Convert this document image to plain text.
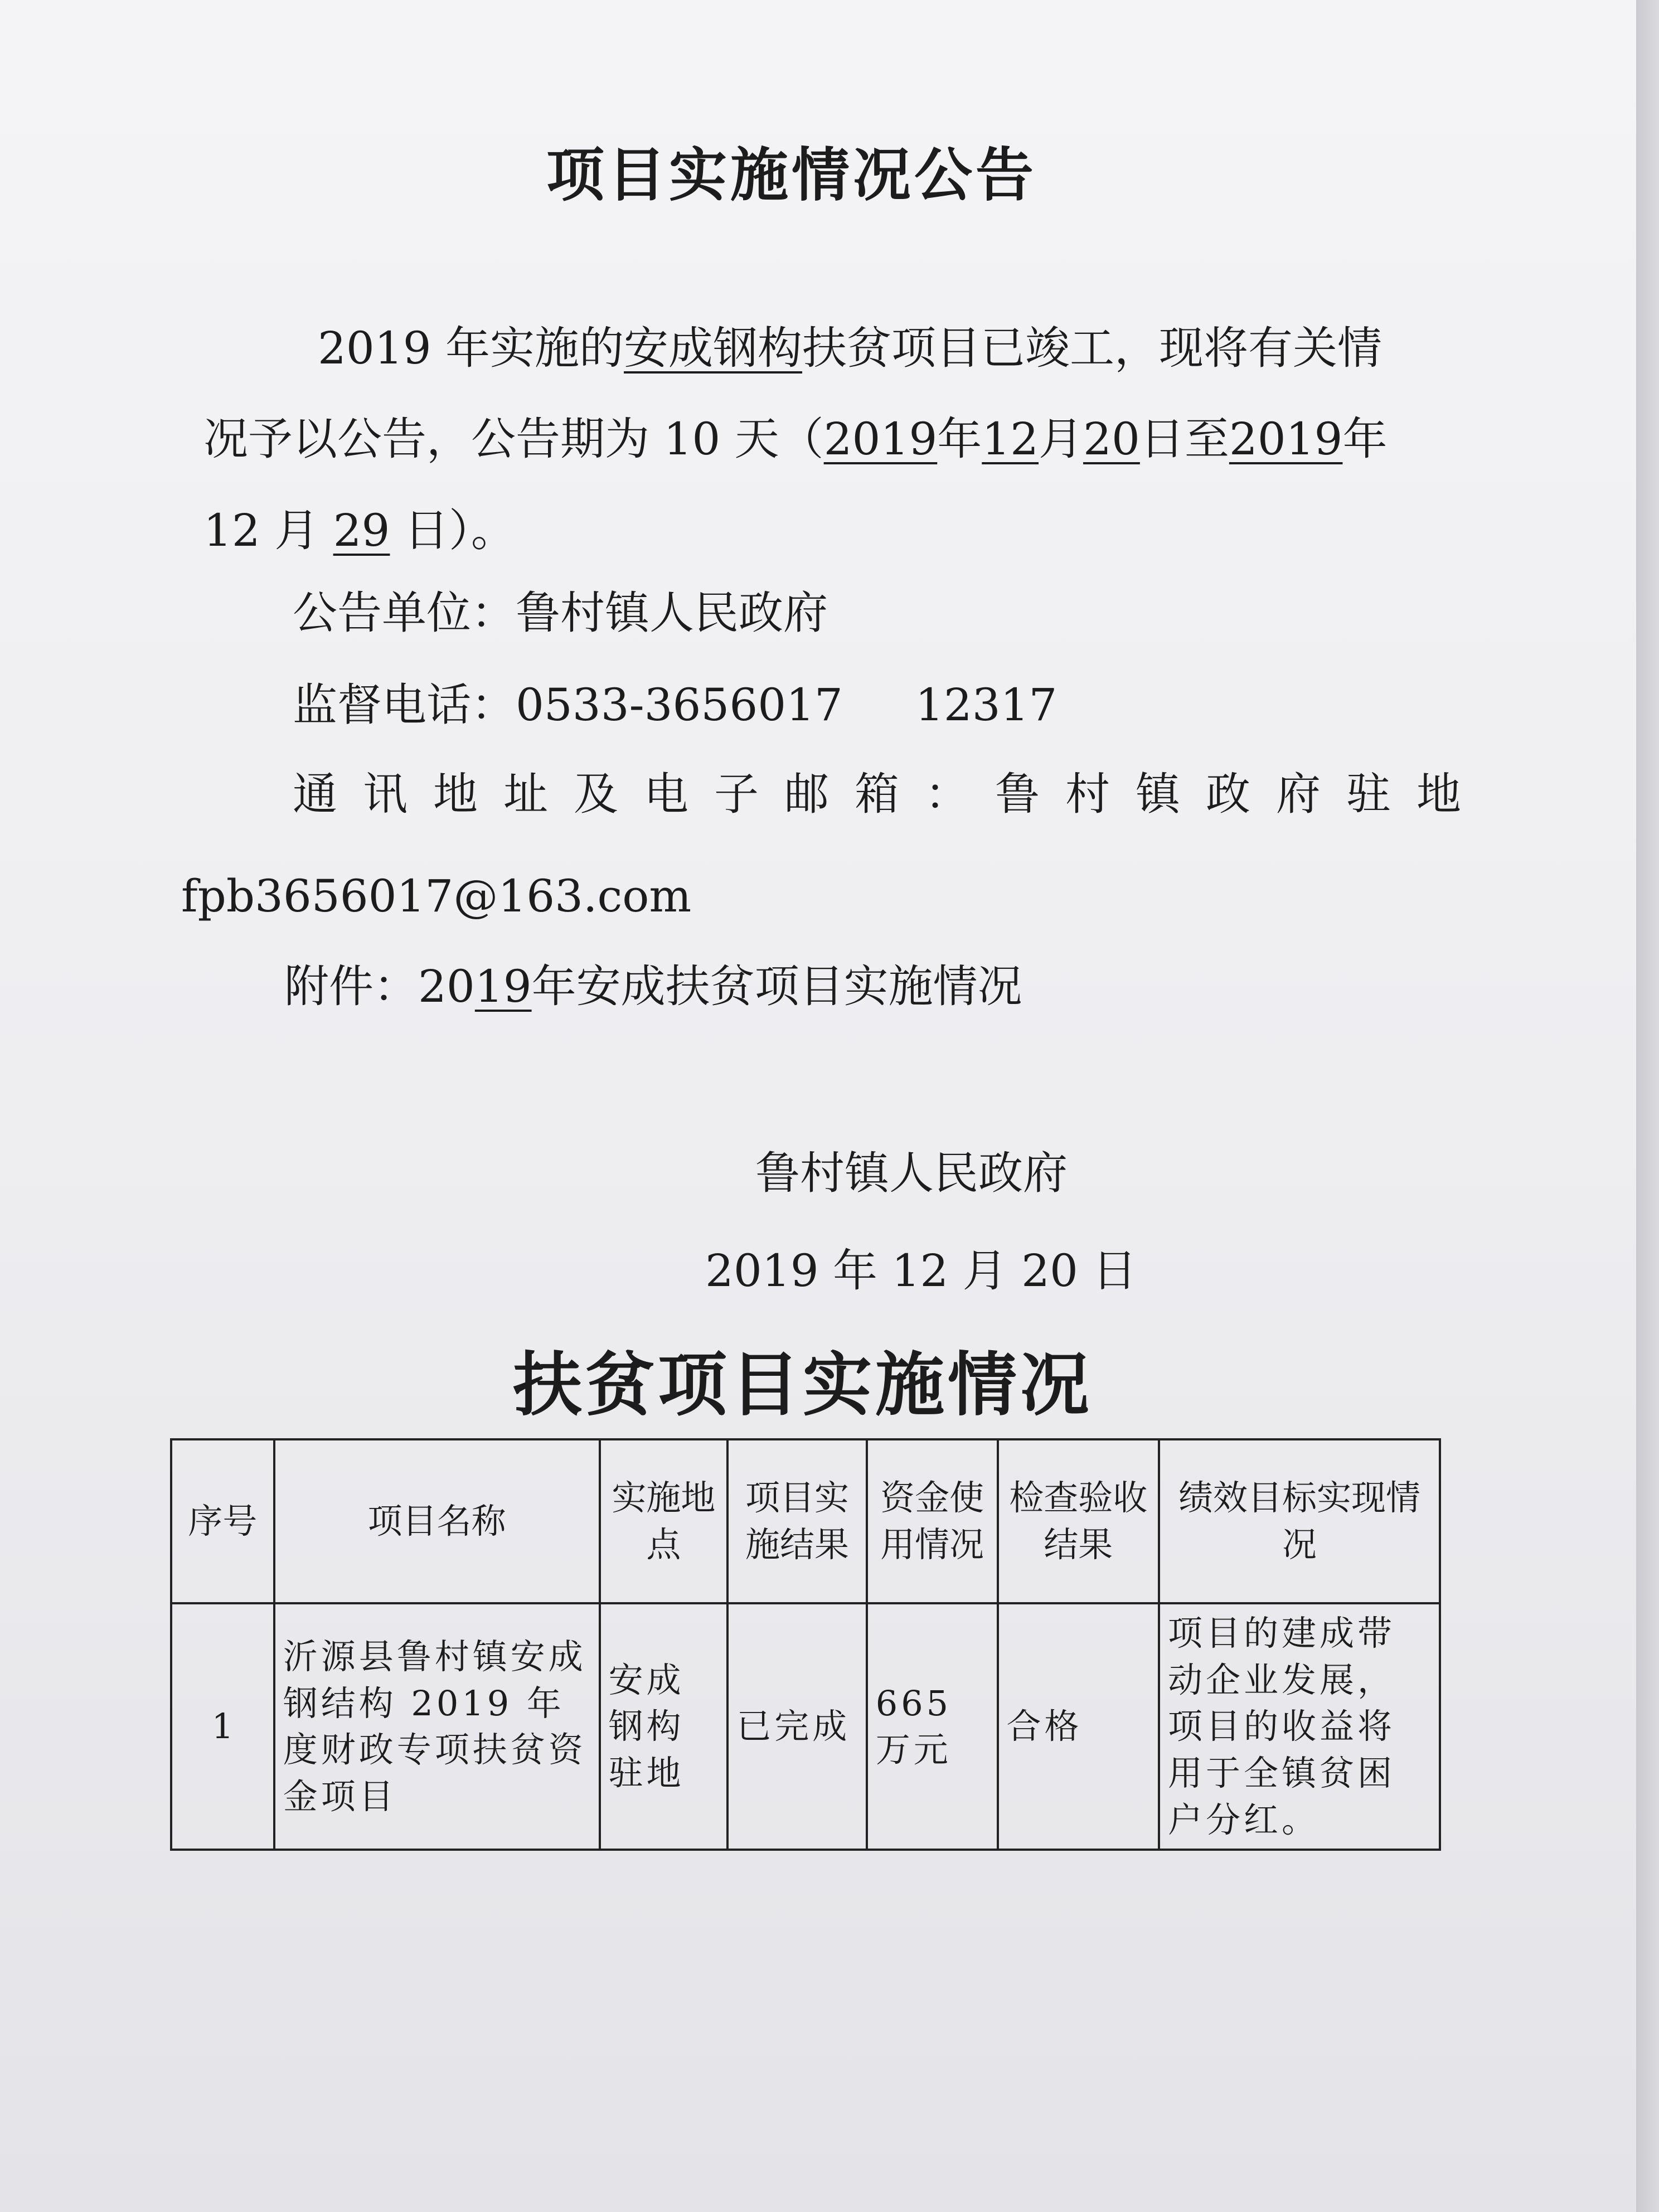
项目实施情况公告
2019 年实施的安成钢构扶贫项目已竣工，现将有关情
况予以公告，公告期为 10 天（2019年12月20日至2019年
12 月 29 日）。
公告单位：鲁村镇人民政府
监督电话：0533-3656017 12317
通讯地址及电子邮箱：鲁村镇政府驻地
fpb3656017@163.com
附件：2019年安成扶贫项目实施情况
鲁村镇人民政府
2019 年 12 月 20 日
扶贫项目实施情况
序号	项目名称	实施地点	项目实施结果	资金使用情况	检查验收结果	绩效目标实现情况
1	沂源县鲁村镇安成钢结构 2019 年度财政专项扶贫资金项目	安成钢构驻地	已完成	665 万元	合格	项目的建成带动企业发展，项目的收益将用于全镇贫困户分红。
